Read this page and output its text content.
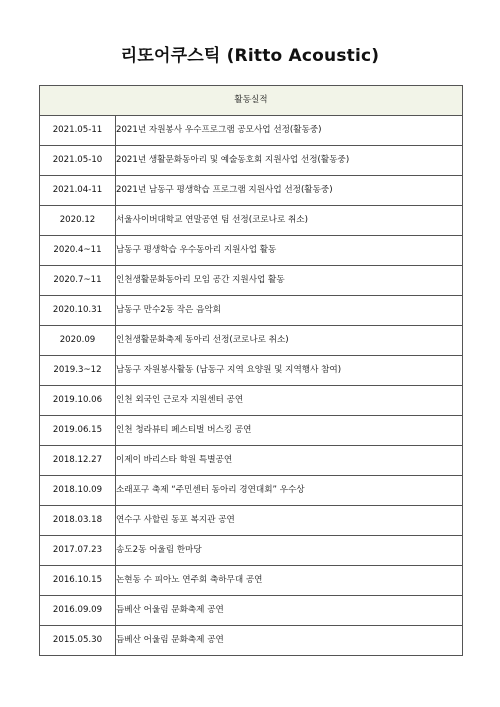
리또어쿠스틱 (Ritto Acoustic)
활동실적	
2021.05-11	2021년 자원봉사 우수프로그램 공모사업 선정(활동중)
2021.05-10	2021년 생활문화동아리 및 예술동호회 지원사업 선정(활동중)
2021.04-11	2021년 남동구 평생학습 프로그램 지원사업 선정(활동중)
2020.12	서울사이버대학교 연말공연 팀 선정(코로나로 취소)
2020.4~11	남동구 평생학습 우수동아리 지원사업 활동
2020.7~11	인천생활문화동아리 모임 공간 지원사업 활동
2020.10.31	남동구 만수2동 작은 음악회
2020.09	인천생활문화축제 동아리 선정(코로나로 취소)
2019.3~12	남동구 자원봉사활동 (남동구 지역 요양원 및 지역행사 참여)
2019.10.06	인천 외국인 근로자 지원센터 공연
2019.06.15	인천 청라뷰티 페스티벌 버스킹 공연
2018.12.27	이제이 바리스타 학원 특별공연
2018.10.09	소래포구 축제 “주민센터 동아리 경연대회” 우수상
2018.03.18	연수구 사할린 동포 복지관 공연
2017.07.23	송도2동 어울림 한마당
2016.10.15	논현동 수 피아노 연주회 축하무대 공연
2016.09.09	듬베산 어울림 문화축제 공연
2015.05.30	듬베산 어울림 문화축제 공연
